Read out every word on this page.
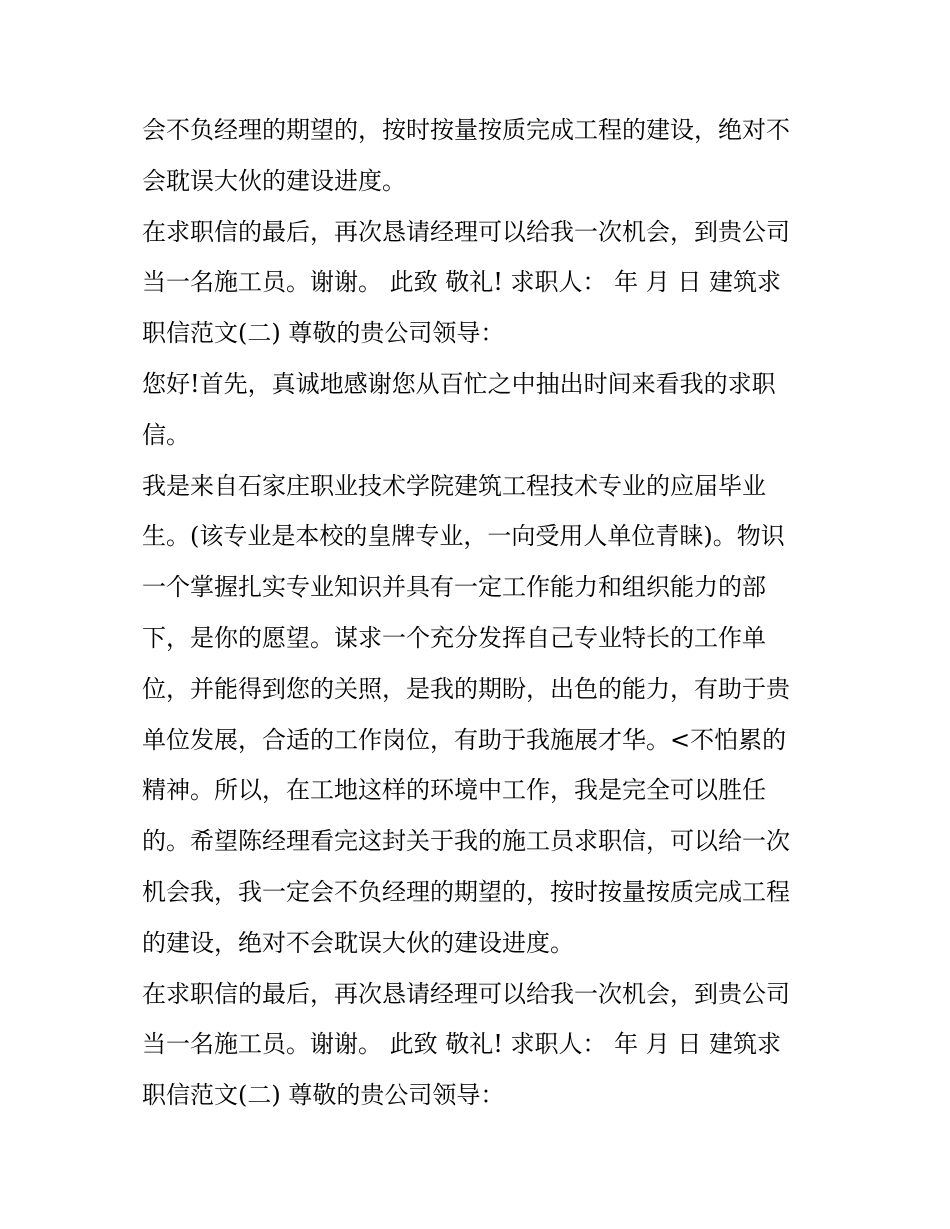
会不负经理的期望的，按时按量按质完成工程的建设，绝对不
会耽误大伙的建设进度。
在求职信的最后，再次恳请经理可以给我一次机会，到贵公司
当一名施工员。谢谢。 此致 敬礼! 求职人： 年 月 日 建筑求
职信范文(二) 尊敬的贵公司领导：
您好!首先，真诚地感谢您从百忙之中抽出时间来看我的求职
信。
我是来自石家庄职业技术学院建筑工程技术专业的应届毕业
生。(该专业是本校的皇牌专业，一向受用人单位青睐)。物识
一个掌握扎实专业知识并具有一定工作能力和组织能力的部
下，是你的愿望。谋求一个充分发挥自己专业特长的工作单
位，并能得到您的关照，是我的期盼，出色的能力，有助于贵
单位发展，合适的工作岗位，有助于我施展才华。<不怕累的
精神。所以，在工地这样的环境中工作，我是完全可以胜任
的。希望陈经理看完这封关于我的施工员求职信，可以给一次
机会我，我一定会不负经理的期望的，按时按量按质完成工程
的建设，绝对不会耽误大伙的建设进度。
在求职信的最后，再次恳请经理可以给我一次机会，到贵公司
当一名施工员。谢谢。 此致 敬礼! 求职人： 年 月 日 建筑求
职信范文(二) 尊敬的贵公司领导：
